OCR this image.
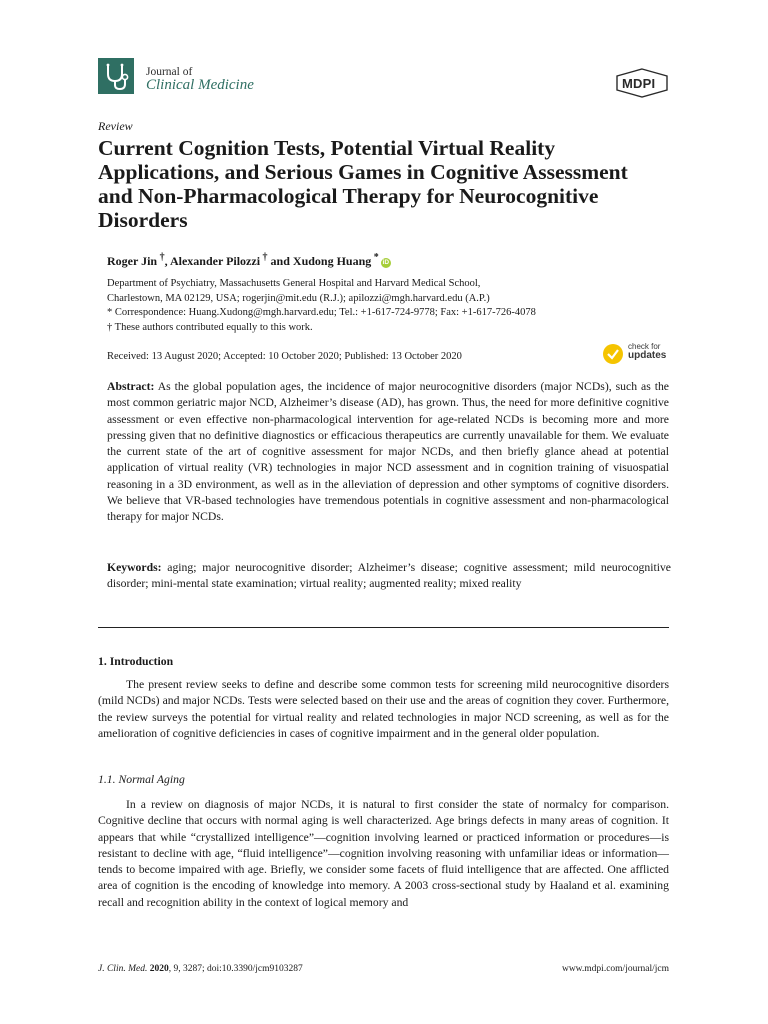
Journal of
Clinical Medicine	MDPI
Review
Current Cognition Tests, Potential Virtual Reality Applications, and Serious Games in Cognitive Assessment and Non-Pharmacological Therapy for Neurocognitive Disorders
Roger Jin †, Alexander Pilozzi † and Xudong Huang * iD
Department of Psychiatry, Massachusetts General Hospital and Harvard Medical School,
Charlestown, MA 02129, USA; rogerjin@mit.edu (R.J.); apilozzi@mgh.harvard.edu (A.P.)
* Correspondence: Huang.Xudong@mgh.harvard.edu; Tel.: +1-617-724-9778; Fax: +1-617-726-4078
† These authors contributed equally to this work.
Received: 13 August 2020; Accepted: 10 October 2020; Published: 13 October 2020
check for
updates
Abstract: As the global population ages, the incidence of major neurocognitive disorders (major NCDs), such as the most common geriatric major NCD, Alzheimer’s disease (AD), has grown. Thus, the need for more definitive cognitive assessment or even effective non-pharmacological intervention for age-related NCDs is becoming more and more pressing given that no definitive diagnostics or efficacious therapeutics are currently unavailable for them. We evaluate the current state of the art of cognitive assessment for major NCDs, and then briefly glance ahead at potential application of virtual reality (VR) technologies in major NCD assessment and in cognition training of visuospatial reasoning in a 3D environment, as well as in the alleviation of depression and other symptoms of cognitive disorders. We believe that VR-based technologies have tremendous potentials in cognitive assessment and non-pharmacological therapy for major NCDs.
Keywords: aging; major neurocognitive disorder; Alzheimer’s disease; cognitive assessment; mild neurocognitive disorder; mini-mental state examination; virtual reality; augmented reality; mixed reality
1. Introduction

The present review seeks to define and describe some common tests for screening mild neurocognitive disorders (mild NCDs) and major NCDs. Tests were selected based on their use and the areas of cognition they cover. Furthermore, the review surveys the potential for virtual reality and related technologies in major NCD screening, as well as for the amelioration of cognitive deficiencies in cases of cognitive impairment and in the general older population.

1.1. Normal Aging

In a review on diagnosis of major NCDs, it is natural to first consider the state of normalcy for comparison. Cognitive decline that occurs with normal aging is well characterized. Age brings defects in many areas of cognition. It appears that while “crystallized intelligence”—cognition involving learned or practiced information or procedures—is resistant to decline with age, “fluid intelligence”—cognition involving reasoning with unfamiliar ideas or information—tends to become impaired with age. Briefly, we consider some facets of fluid intelligence that are affected. One afflicted area of cognition is the encoding of knowledge into memory. A 2003 cross-sectional study by Haaland et al. examining recall and recognition ability in the context of logical memory and

J. Clin. Med. 2020, 9, 3287; doi:10.3390/jcm9103287	www.mdpi.com/journal/jcm
